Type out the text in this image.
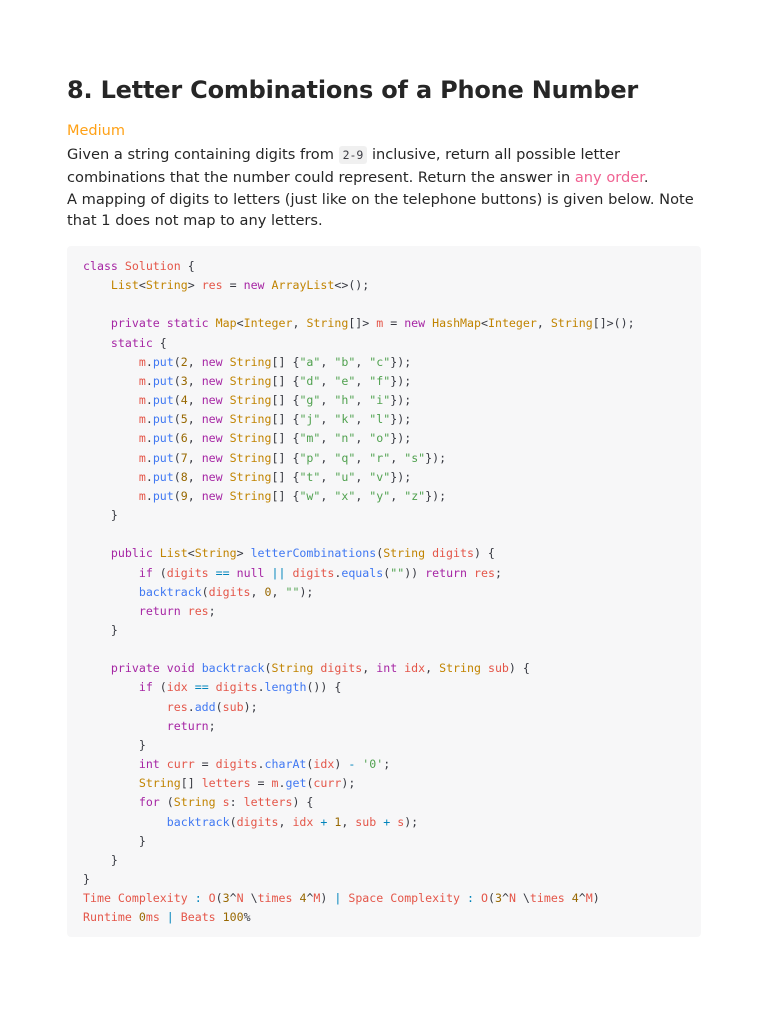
8. Letter Combinations of a Phone Number
Medium

Given a string containing digits from 2-9 inclusive, return all possible letter combinations that the number could represent. Return the answer in any order.

A mapping of digits to letters (just like on the telephone buttons) is given below. Note that 1 does not map to any letters.

class Solution {
List<String> res = new ArrayList<>();

private static Map<Integer, String[]> m = new HashMap<Integer, String[]>();
static {
m.put(2, new String[] {"a", "b", "c"});
m.put(3, new String[] {"d", "e", "f"});
m.put(4, new String[] {"g", "h", "i"});
m.put(5, new String[] {"j", "k", "l"});
m.put(6, new String[] {"m", "n", "o"});
m.put(7, new String[] {"p", "q", "r", "s"});
m.put(8, new String[] {"t", "u", "v"});
m.put(9, new String[] {"w", "x", "y", "z"});
}

public List<String> letterCombinations(String digits) {
if (digits == null || digits.equals("")) return res;
backtrack(digits, 0, "");
return res;
}

private void backtrack(String digits, int idx, String sub) {
if (idx == digits.length()) {
res.add(sub);
return;
}
int curr = digits.charAt(idx) - '0';
String[] letters = m.get(curr);
for (String s: letters) {
backtrack(digits, idx + 1, sub + s);
}
}
}
Time Complexity : O(3^N \times 4^M) | Space Complexity : O(3^N \times 4^M)
Runtime 0ms | Beats 100%
